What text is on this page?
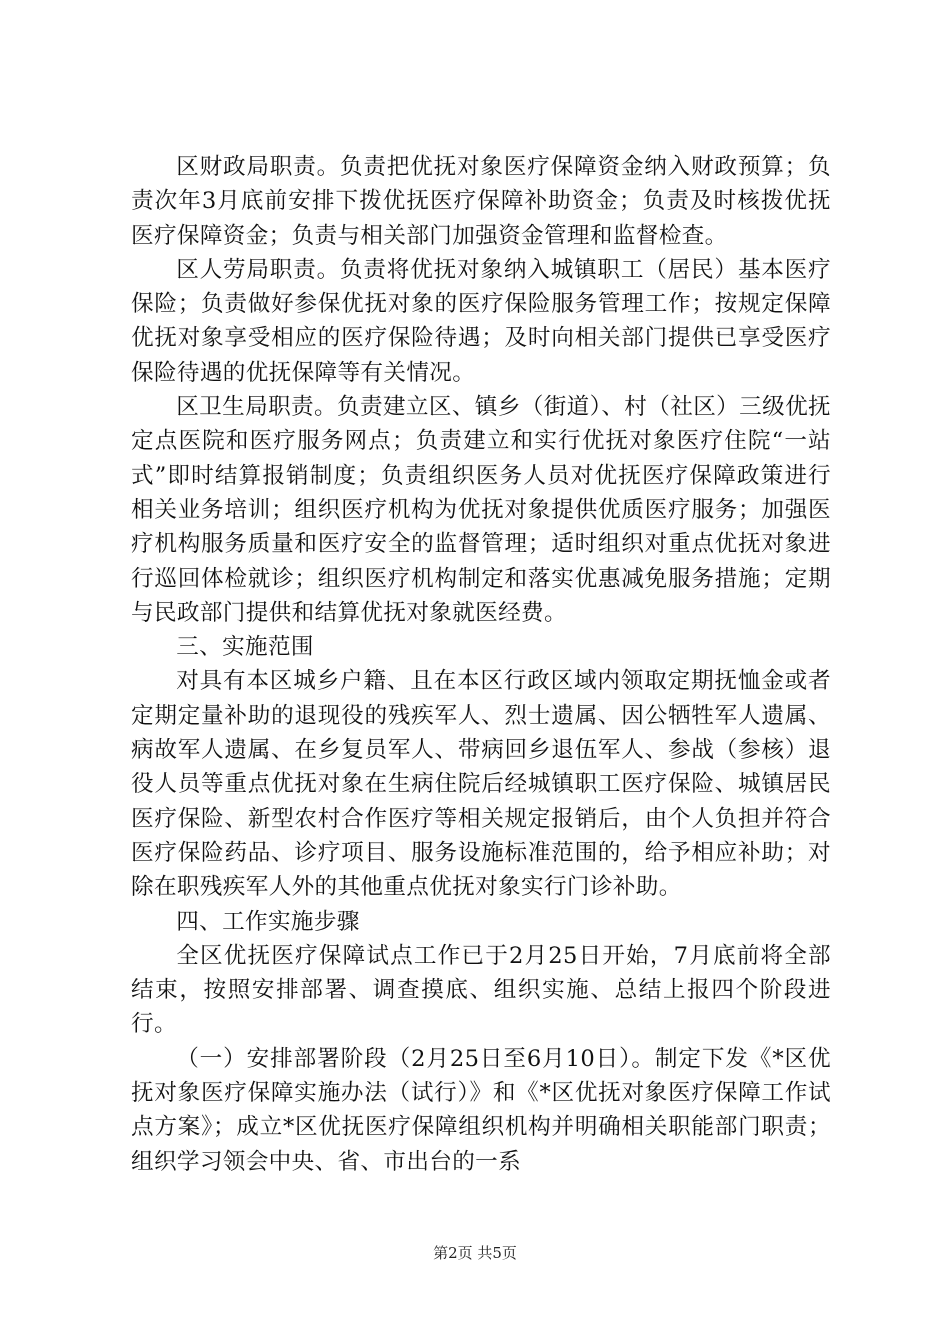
区财政局职责。负责把优抚对象医疗保障资金纳入财政预算；负责次年3月底前安排下拨优抚医疗保障补助资金；负责及时核拨优抚医疗保障资金；负责与相关部门加强资金管理和监督检查。

区人劳局职责。负责将优抚对象纳入城镇职工（居民）基本医疗保险；负责做好参保优抚对象的医疗保险服务管理工作；按规定保障优抚对象享受相应的医疗保险待遇；及时向相关部门提供已享受医疗保险待遇的优抚保障等有关情况。

区卫生局职责。负责建立区、镇乡（街道）、村（社区）三级优抚定点医院和医疗服务网点；负责建立和实行优抚对象医疗住院“一站式”即时结算报销制度；负责组织医务人员对优抚医疗保障政策进行相关业务培训；组织医疗机构为优抚对象提供优质医疗服务；加强医疗机构服务质量和医疗安全的监督管理；适时组织对重点优抚对象进行巡回体检就诊；组织医疗机构制定和落实优惠减免服务措施；定期与民政部门提供和结算优抚对象就医经费。

三、实施范围

对具有本区城乡户籍、且在本区行政区域内领取定期抚恤金或者定期定量补助的退现役的残疾军人、烈士遗属、因公牺牲军人遗属、病故军人遗属、在乡复员军人、带病回乡退伍军人、参战（参核）退役人员等重点优抚对象在生病住院后经城镇职工医疗保险、城镇居民医疗保险、新型农村合作医疗等相关规定报销后，由个人负担并符合医疗保险药品、诊疗项目、服务设施标准范围的，给予相应补助；对除在职残疾军人外的其他重点优抚对象实行门诊补助。

四、工作实施步骤

全区优抚医疗保障试点工作已于2月25日开始，7月底前将全部结束，按照安排部署、调查摸底、组织实施、总结上报四个阶段进行。

（一）安排部署阶段（2月25日至6月10日）。制定下发《*区优抚对象医疗保障实施办法（试行）》和《*区优抚对象医疗保障工作试点方案》；成立*区优抚医疗保障组织机构并明确相关职能部门职责；组织学习领会中央、省、市出台的一系

第2页 共5页
